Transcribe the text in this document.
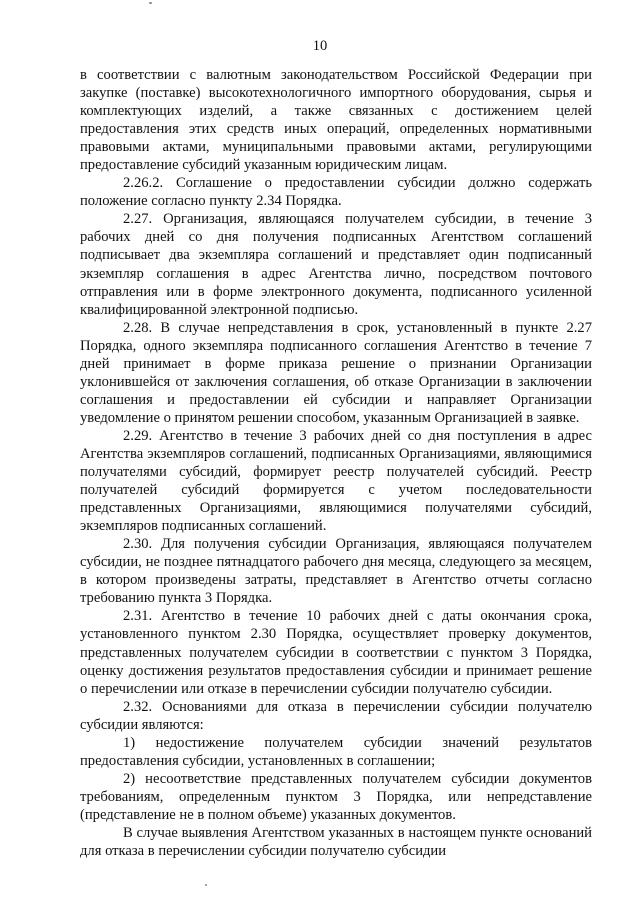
10

в соответствии с валютным законодательством Российской Федерации при закупке (поставке) высокотехнологичного импортного оборудования, сырья и комплектующих изделий, а также связанных с достижением целей предоставления этих средств иных операций, определенных нормативными правовыми актами, муниципальными правовыми актами, регулирующими предоставление субсидий указанным юридическим лицам.

2.26.2. Соглашение о предоставлении субсидии должно содержать положение согласно пункту 2.34 Порядка.

2.27. Организация, являющаяся получателем субсидии, в течение 3 рабочих дней со дня получения подписанных Агентством соглашений подписывает два экземпляра соглашений и представляет один подписанный экземпляр соглашения в адрес Агентства лично, посредством почтового отправления или в форме электронного документа, подписанного усиленной квалифицированной электронной подписью.

2.28. В случае непредставления в срок, установленный в пункте 2.27 Порядка, одного экземпляра подписанного соглашения Агентство в течение 7 дней принимает в форме приказа решение о признании Организации уклонившейся от заключения соглашения, об отказе Организации в заключении соглашения и предоставлении ей субсидии и направляет Организации уведомление о принятом решении способом, указанным Организацией в заявке.

2.29. Агентство в течение 3 рабочих дней со дня поступления в адрес Агентства экземпляров соглашений, подписанных Организациями, являющимися получателями субсидий, формирует реестр получателей субсидий. Реестр получателей субсидий формируется с учетом последовательности представленных Организациями, являющимися получателями субсидий, экземпляров подписанных соглашений.

2.30. Для получения субсидии Организация, являющаяся получателем субсидии, не позднее пятнадцатого рабочего дня месяца, следующего за месяцем, в котором произведены затраты, представляет в Агентство отчеты согласно требованию пункта 3 Порядка.

2.31. Агентство в течение 10 рабочих дней с даты окончания срока, установленного пунктом 2.30 Порядка, осуществляет проверку документов, представленных получателем субсидии в соответствии с пунктом 3 Порядка, оценку достижения результатов предоставления субсидии и принимает решение о перечислении или отказе в перечислении субсидии получателю субсидии.

2.32. Основаниями для отказа в перечислении субсидии получателю субсидии являются:

1) недостижение получателем субсидии значений результатов предоставления субсидии, установленных в соглашении;

2) несоответствие представленных получателем субсидии документов требованиям, определенным пунктом 3 Порядка, или непредставление (представление не в полном объеме) указанных документов.

В случае выявления Агентством указанных в настоящем пункте оснований для отказа в перечислении субсидии получателю субсидии
